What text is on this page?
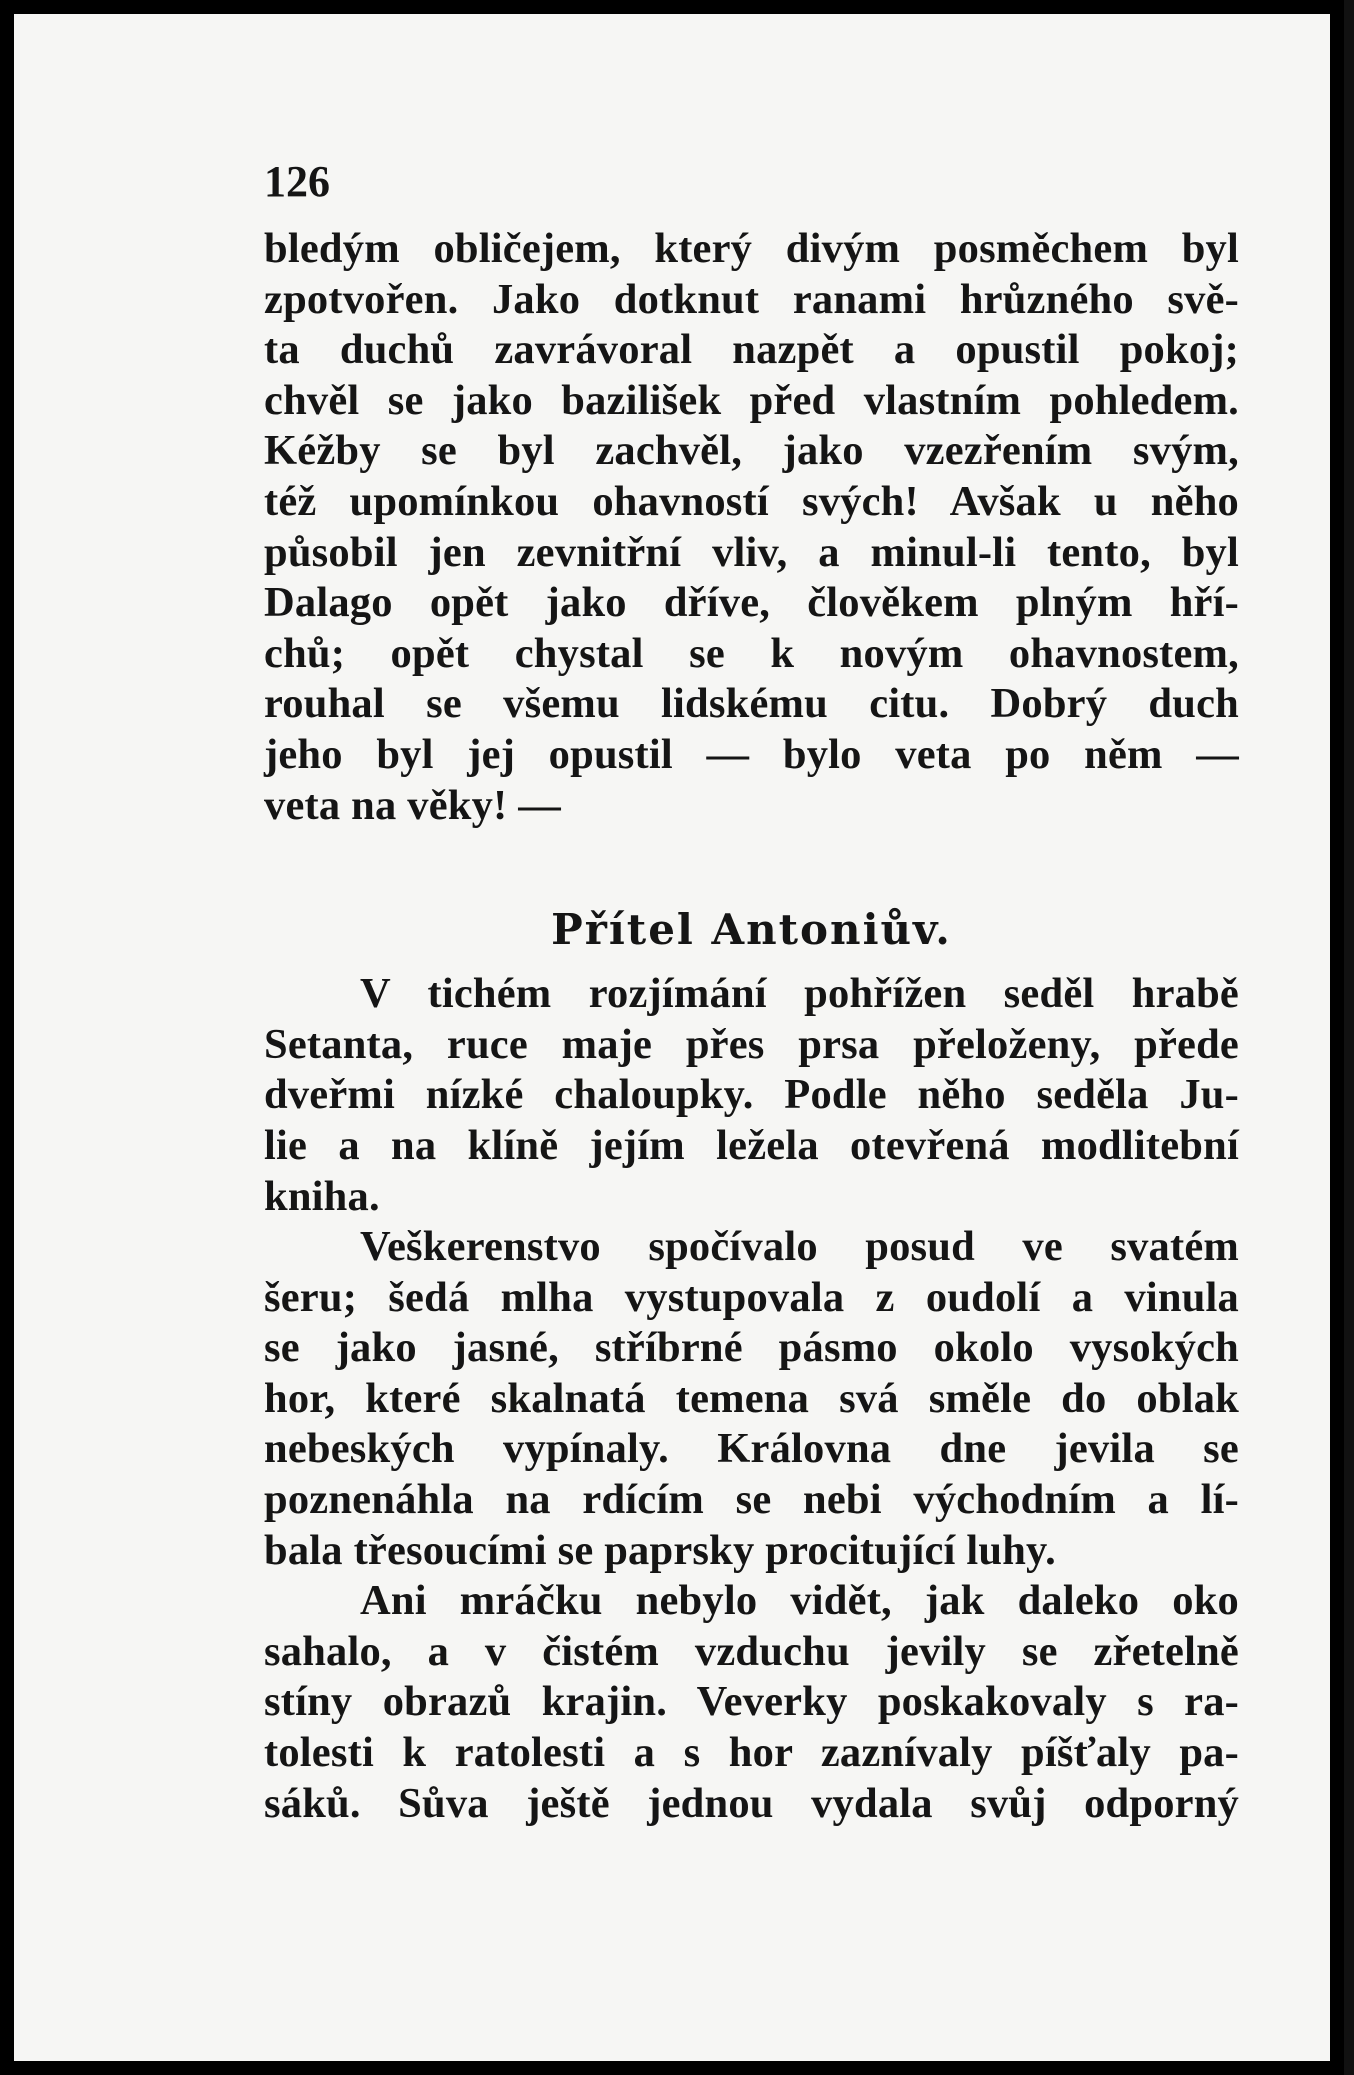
126
bledým obličejem, který divým posměchem byl
zpotvořen. Jako dotknut ranami hrůzného svě-
ta duchů zavrávoral nazpět a opustil pokoj;
chvěl se jako bazilišek před vlastním pohledem.
Kéžby se byl zachvěl, jako vzezřením svým,
též upomínkou ohavností svých! Avšak u něho
působil jen zevnitřní vliv, a minul-li tento, byl
Dalago opět jako dříve, člověkem plným hří-
chů; opět chystal se k novým ohavnostem,
rouhal se všemu lidskému citu. Dobrý duch
jeho byl jej opustil — bylo veta po něm —
veta na věky! —
Přítel Antoniův.
V tichém rozjímání pohřížen seděl hrabě
Setanta, ruce maje přes prsa přeloženy, přede
dveřmi nízké chaloupky. Podle něho seděla Ju-
lie a na klíně jejím ležela otevřená modlitební
kniha.
Veškerenstvo spočívalo posud ve svatém
šeru; šedá mlha vystupovala z oudolí a vinula
se jako jasné, stříbrné pásmo okolo vysokých
hor, které skalnatá temena svá směle do oblak
nebeských vypínaly. Královna dne jevila se
poznenáhla na rdícím se nebi východním a lí-
bala třesoucími se paprsky procitující luhy.
Ani mráčku nebylo vidět, jak daleko oko
sahalo, a v čistém vzduchu jevily se zřetelně
stíny obrazů krajin. Veverky poskakovaly s ra-
tolesti k ratolesti a s hor zaznívaly píšťaly pa-
sáků. Sůva ještě jednou vydala svůj odporný
